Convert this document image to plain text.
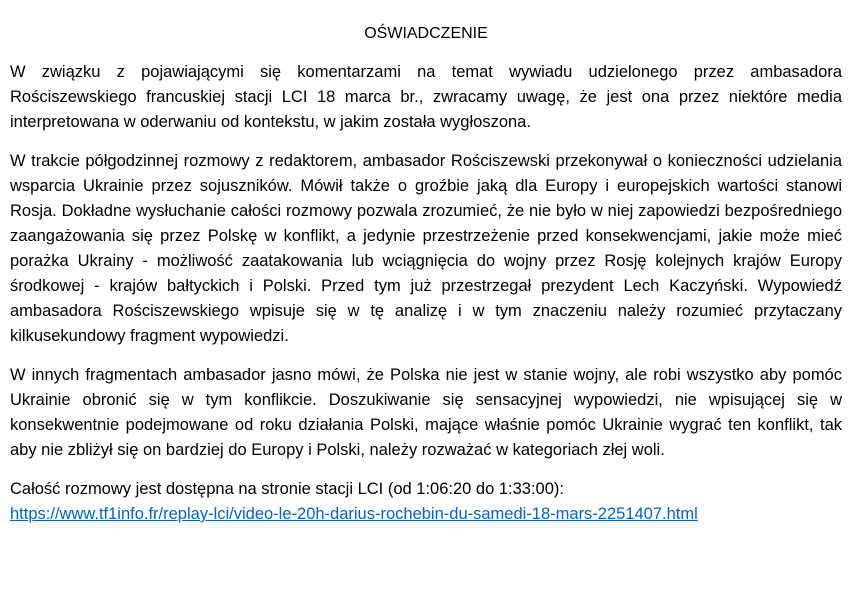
OŚWIADCZENIE

W związku z pojawiającymi się komentarzami na temat wywiadu udzielonego przez ambasadora Rościszewskiego francuskiej stacji LCI 18 marca br., zwracamy uwagę, że jest ona przez niektóre media interpretowana w oderwaniu od kontekstu, w jakim została wygłoszona.

W trakcie półgodzinnej rozmowy z redaktorem, ambasador Rościszewski przekonywał o konieczności udzielania wsparcia Ukrainie przez sojuszników. Mówił także o groźbie jaką dla Europy i europejskich wartości stanowi Rosja. Dokładne wysłuchanie całości rozmowy pozwala zrozumieć, że nie było w niej zapowiedzi bezpośredniego zaangażowania się przez Polskę w konflikt, a jedynie przestrzeżenie przed konsekwencjami, jakie może mieć porażka Ukrainy - możliwość zaatakowania lub wciągnięcia do wojny przez Rosję kolejnych krajów Europy środkowej - krajów bałtyckich i Polski. Przed tym już przestrzegał prezydent Lech Kaczyński. Wypowiedź ambasadora Rościszewskiego wpisuje się w tę analizę i w tym znaczeniu należy rozumieć przytaczany kilkusekundowy fragment wypowiedzi.

W innych fragmentach ambasador jasno mówi, że Polska nie jest w stanie wojny, ale robi wszystko aby pomóc Ukrainie obronić się w tym konflikcie. Doszukiwanie się sensacyjnej wypowiedzi, nie wpisującej się w konsekwentnie podejmowane od roku działania Polski, mające właśnie pomóc Ukrainie wygrać ten konflikt, tak aby nie zbliżył się on bardziej do Europy i Polski, należy rozważać w kategoriach złej woli.

Całość rozmowy jest dostępna na stronie stacji LCI (od 1:06:20 do 1:33:00):
https://www.tf1info.fr/replay-lci/video-le-20h-darius-rochebin-du-samedi-18-mars-2251407.html
